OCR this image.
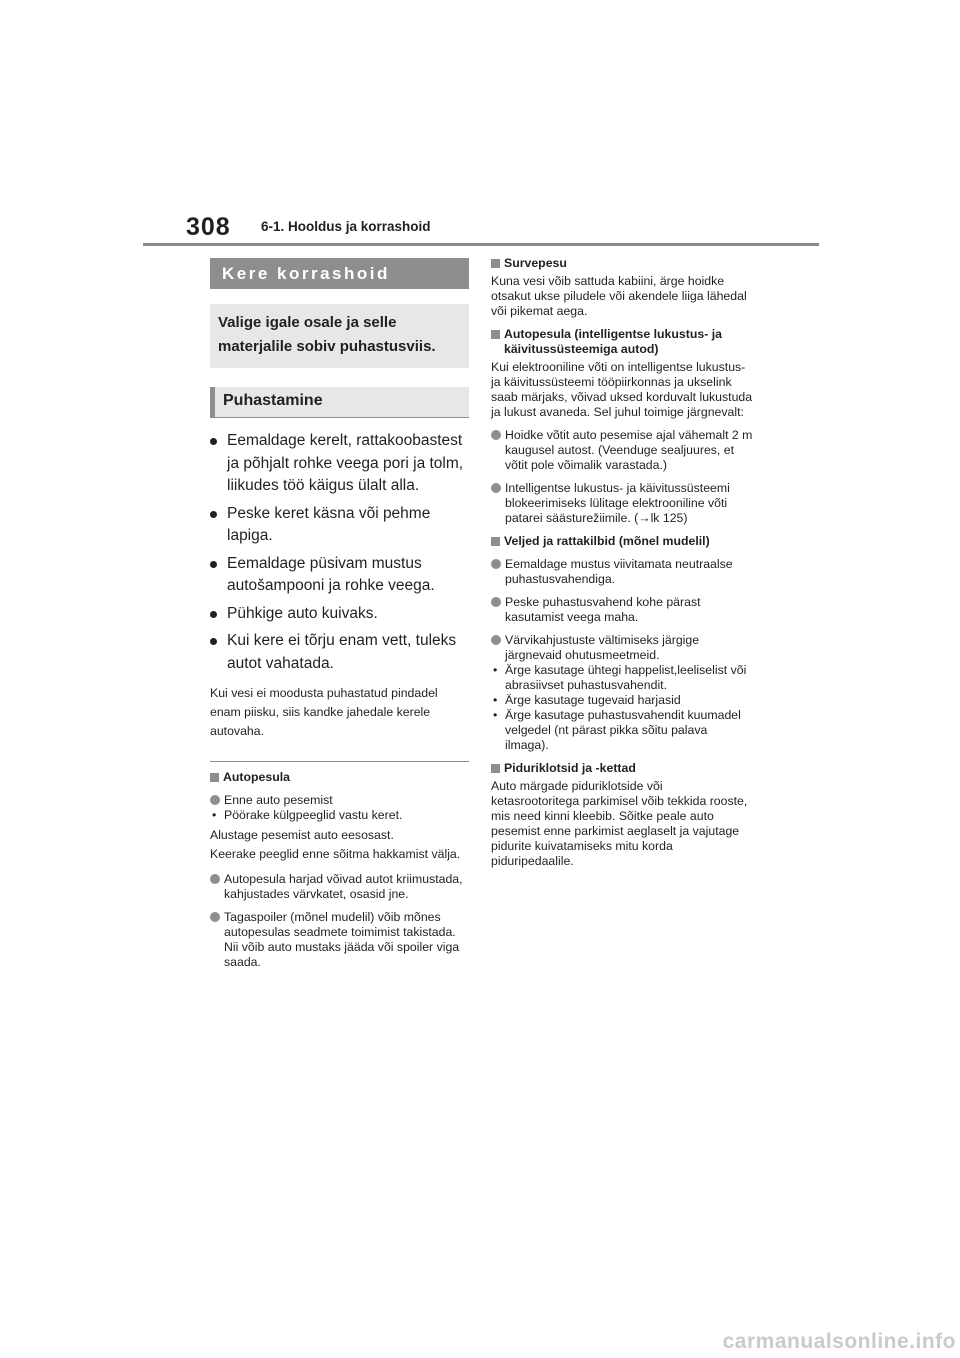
308 6-1. Hooldus ja korrashoid
Kere korrashoid
Valige igale osale ja selle materjalile sobiv puhastusviis.
Puhastamine
Eemaldage kerelt, rattakoobastest ja põhjalt rohke veega pori ja tolm, liikudes töö käigus ülalt alla.
Peske keret käsna või pehme lapiga.
Eemaldage püsivam mustus autošampooni ja rohke veega.
Pühkige auto kuivaks.
Kui kere ei tõrju enam vett, tuleks autot vahatada.
Kui vesi ei moodusta puhastatud pindadel enam piisku, siis kandke jahedale kerele autovaha.
Autopesula
Enne auto pesemist
• Pöörake külgpeeglid vastu keret.
Alustage pesemist auto eesosast.
Keerake peeglid enne sõitma hakkamist välja.
Autopesula harjad võivad autot kriimustada, kahjustades värvkatet, osasid jne.
Tagaspoiler (mõnel mudelil) võib mõnes autopesulas seadmete toimimist takistada. Nii võib auto mustaks jääda või spoiler viga saada.
Survepesu
Kuna vesi võib sattuda kabiini, ärge hoidke otsakut ukse piludele või akendele liiga lähedal või pikemat aega.
Autopesula (intelligentse lukustus- ja käivitussüsteemiga autod)
Kui elektrooniline võti on intelligentse lukustus- ja käivitussüsteemi tööpiirkonnas ja ukselink saab märjaks, võivad uksed korduvalt lukustuda ja lukust avaneda. Sel juhul toimige järgnevalt:
Hoidke võtit auto pesemise ajal vähemalt 2 m kaugusel autost. (Veenduge sealjuures, et võtit pole võimalik varastada.)
Intelligentse lukustus- ja käivitussüsteemi blokeerimiseks lülitage elektrooniline võti patarei säästurežiimile. (→lk 125)
Veljed ja rattakilbid (mõnel mudelil)
Eemaldage mustus viivitamata neutraalse puhastusvahendiga.
Peske puhastusvahend kohe pärast kasutamist veega maha.
Värvikahjustuste vältimiseks järgige järgnevaid ohutusmeetmeid.
• Ärge kasutage ühtegi happelist,leeliselist või abrasiivset puhastusvahendit.
• Ärge kasutage tugevaid harjasid
• Ärge kasutage puhastusvahendit kuumadel velgedel (nt pärast pikka sõitu palava ilmaga).
Piduriklotsid ja -kettad
Auto märgade piduriklotside või ketasrootoritega parkimisel võib tekkida rooste, mis need kinni kleebib. Sõitke peale auto pesemist enne parkimist aeglaselt ja vajutage pidurite kuivatamiseks mitu korda piduripedaalile.
carmanualsonline.info
